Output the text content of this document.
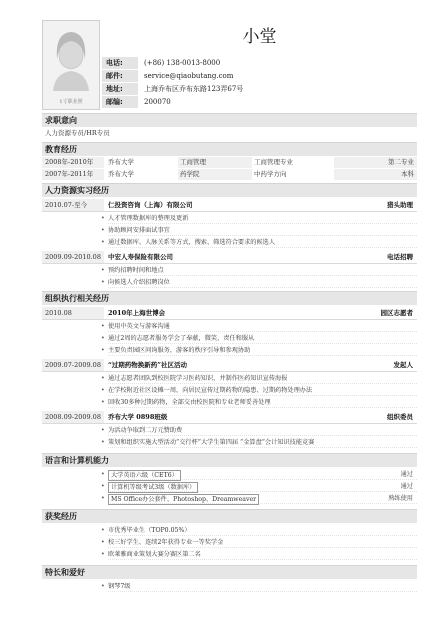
1寸职业照
小堂
电话:	(+86) 138-0013-8000
邮件:	service@qiaobutang.com
地址:	上海乔布区乔布东路123弄67号
邮编:	200070
求职意向
人力资源专员/HR专员
教育经历
2008年-2010年	乔布大学	工商管理	工商管理专业	第二专业
2007年-2011年	乔布大学	药学院	中药学方向	本科
人力资源实习经历
2010.07-至今	仁投资咨询（上海）有限公司	猎头助理
• 人才管理数据库的整理及更新
• 协助顾问安排面试事宜
• 通过数据库、人脉关系等方式，搜索、筛选符合要求的候选人
2009.09-2010.08	中宏人寿保险有限公司	电话招聘
• 预约招聘时间和地点
• 向候选人介绍招聘岗位
组织执行相关经历
2010.08	2010年上海世博会	园区志愿者
• 使用中英文与游客沟通
• 通过2周的志愿者服务学会了奉献，微笑，责任和服从
• 主要负责园区问询服务，游客的秩序引导和参观协助
2009.07-2009.08	“过期药物换新药”社区活动	发起人
• 通过志愿者团队到校医院学习医药知识，并制作医药知识宣传海报
• 在学校附近社区设摊一周，向居民宣传过期药物的隐患、过期药物处理办法
• 回收30多种过期药物，全部交由校医院和专业老师妥善处理
2008.09-2009.08	乔布大学 0898班级	组织委员
• 为活动争取到二万元赞助费
• 策划和组织实施大型活动“交行杯”大学生第四届 “金算盘”会计知识技能竞赛
语言和计算机能力
• 大学英语六级（CET6）	通过
• 计算机等级考试3级（数据库）	通过
• MS Office办公套件、Photoshop、Dreamweaver	熟练使用
获奖经历
• 市优秀毕业生（TOP0.05%）
• 校三好学生、连续2年获得专业一等奖学金
• 欧莱雅商业策划大赛分赛区第二名
特长和爱好
• 钢琴7级
